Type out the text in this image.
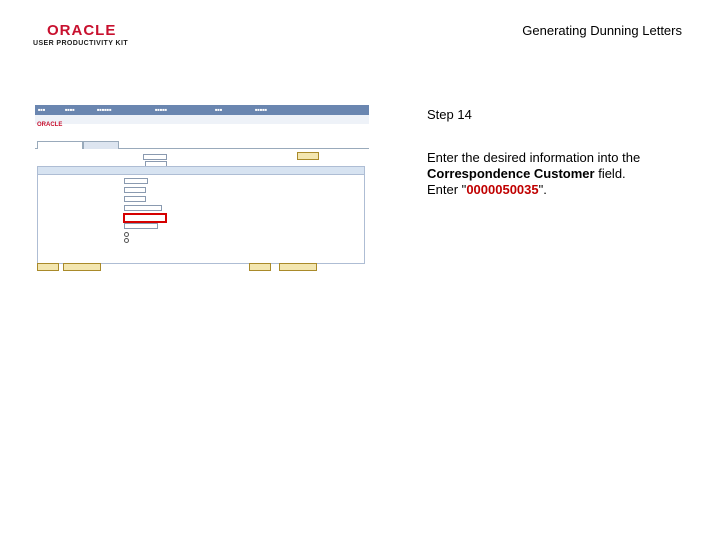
ORACLE
USER PRODUCTIVITY KIT
Generating Dunning Letters
■■■	■■■■	■■■■■■	■■■■■	■■■	■■■■■
ORACLE
Step 14
Enter the desired information into the Correspondence Customer field.
Enter "0000050035".
